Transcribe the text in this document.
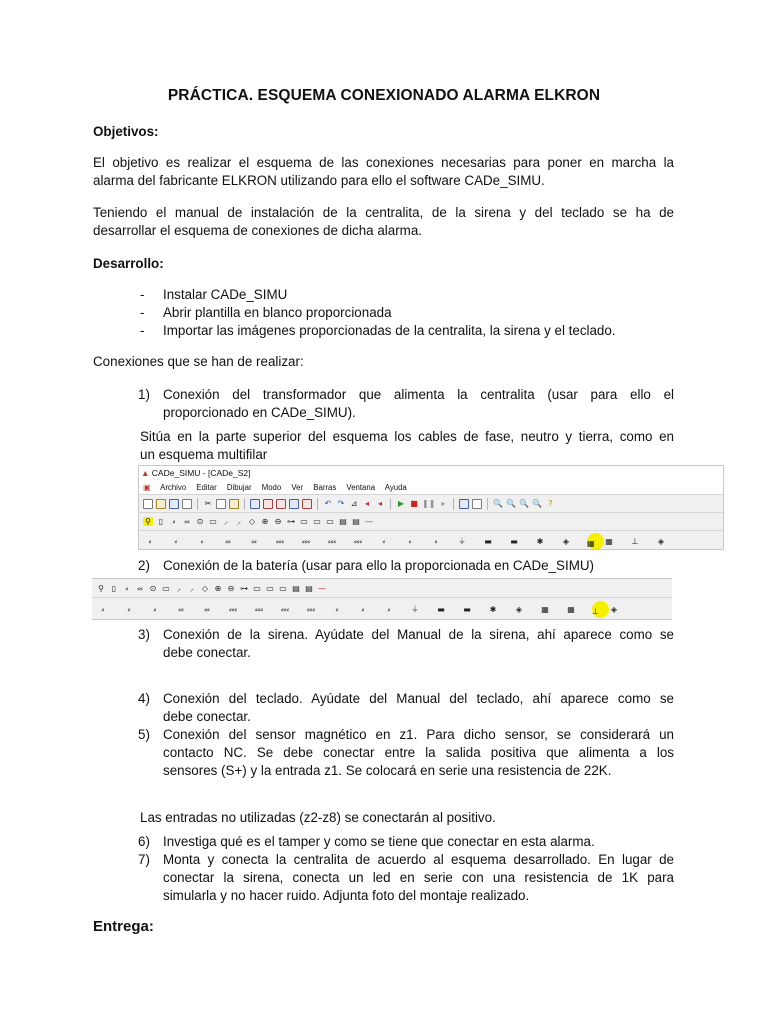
PRÁCTICA. ESQUEMA CONEXIONADO ALARMA ELKRON
Objetivos:
El objetivo es realizar el esquema de las conexiones necesarias para poner en marcha la
alarma del fabricante ELKRON utilizando para ello el software CADe_SIMU.
Teniendo el manual de instalación de la centralita, de la sirena y del teclado se ha de
desarrollar el esquema de conexiones de dicha alarma.
Desarrollo:
- Instalar CADe_SIMU
- Abrir plantilla en blanco proporcionada
- Importar las imágenes proporcionadas de la centralita, la sirena y el teclado.
Conexiones que se han de realizar:
1) Conexión del transformador que alimenta la centralita (usar para ello el
proporcionado en CADe_SIMU).
Sitúa en la parte superior del esquema los cables de fase, neutro y tierra, como en
un esquema multifilar
▲ CADe_SIMU - [CADe_S2]
▣ Archivo Editar Dibujar Modo Ver Barras Ventana Ayuda
✂	↶ ↷ ⊿ ◂	◂	▶ ■ ❚❚ ▸	🔍 🔍 🔍 🔍 ?
⚲ ▯	⸗	⸗⸗ ⊙ ▭ ⸝	⸝ ◇ ⊕ ⊖ ⊶ ▭ ▭ ▭ ▤ ▤ —
⸗	⸗	⸗	⸗⸗	⸗⸗ ⸗⸗⸗ ⸗⸗⸗ ⸗⸗⸗ ⸗⸗⸗	⸗	⸗	⸗	⏚ ▬ ▬ ✱ ◈ ▦	▦ ⊥ ◈
2) Conexión de la batería (usar para ello la proporcionada en CADe_SIMU)
⚲ ▯	⸗	⸗⸗ ⊙ ▭ ⸝	⸝ ◇ ⊕ ⊖ ⊶ ▭ ▭ ▭ ▤ ▤ —
⸗	⸗	⸗	⸗⸗	⸗⸗ ⸗⸗⸗ ⸗⸗⸗ ⸗⸗⸗ ⸗⸗⸗	⸗	⸗	⸗	⏚ ▬ ▬ ✱ ◈ ▦ ▦ ⊥	◈
3) Conexión de la sirena. Ayúdate del Manual de la sirena, ahí aparece como se
debe conectar.
4) Conexión del teclado. Ayúdate del Manual del teclado, ahí aparece como se
debe conectar.
5) Conexión del sensor magnético en z1. Para dicho sensor, se considerará un
contacto NC. Se debe conectar entre la salida positiva que alimenta a los
sensores (S+) y la entrada z1. Se colocará en serie una resistencia de 22K.
Las entradas no utilizadas (z2-z8) se conectarán al positivo.
6) Investiga qué es el tamper y como se tiene que conectar en esta alarma.
7) Monta y conecta la centralita de acuerdo al esquema desarrollado. En lugar de
conectar la sirena, conecta un led en serie con una resistencia de 1K para
simularla y no hacer ruido. Adjunta foto del montaje realizado.
Entrega:
